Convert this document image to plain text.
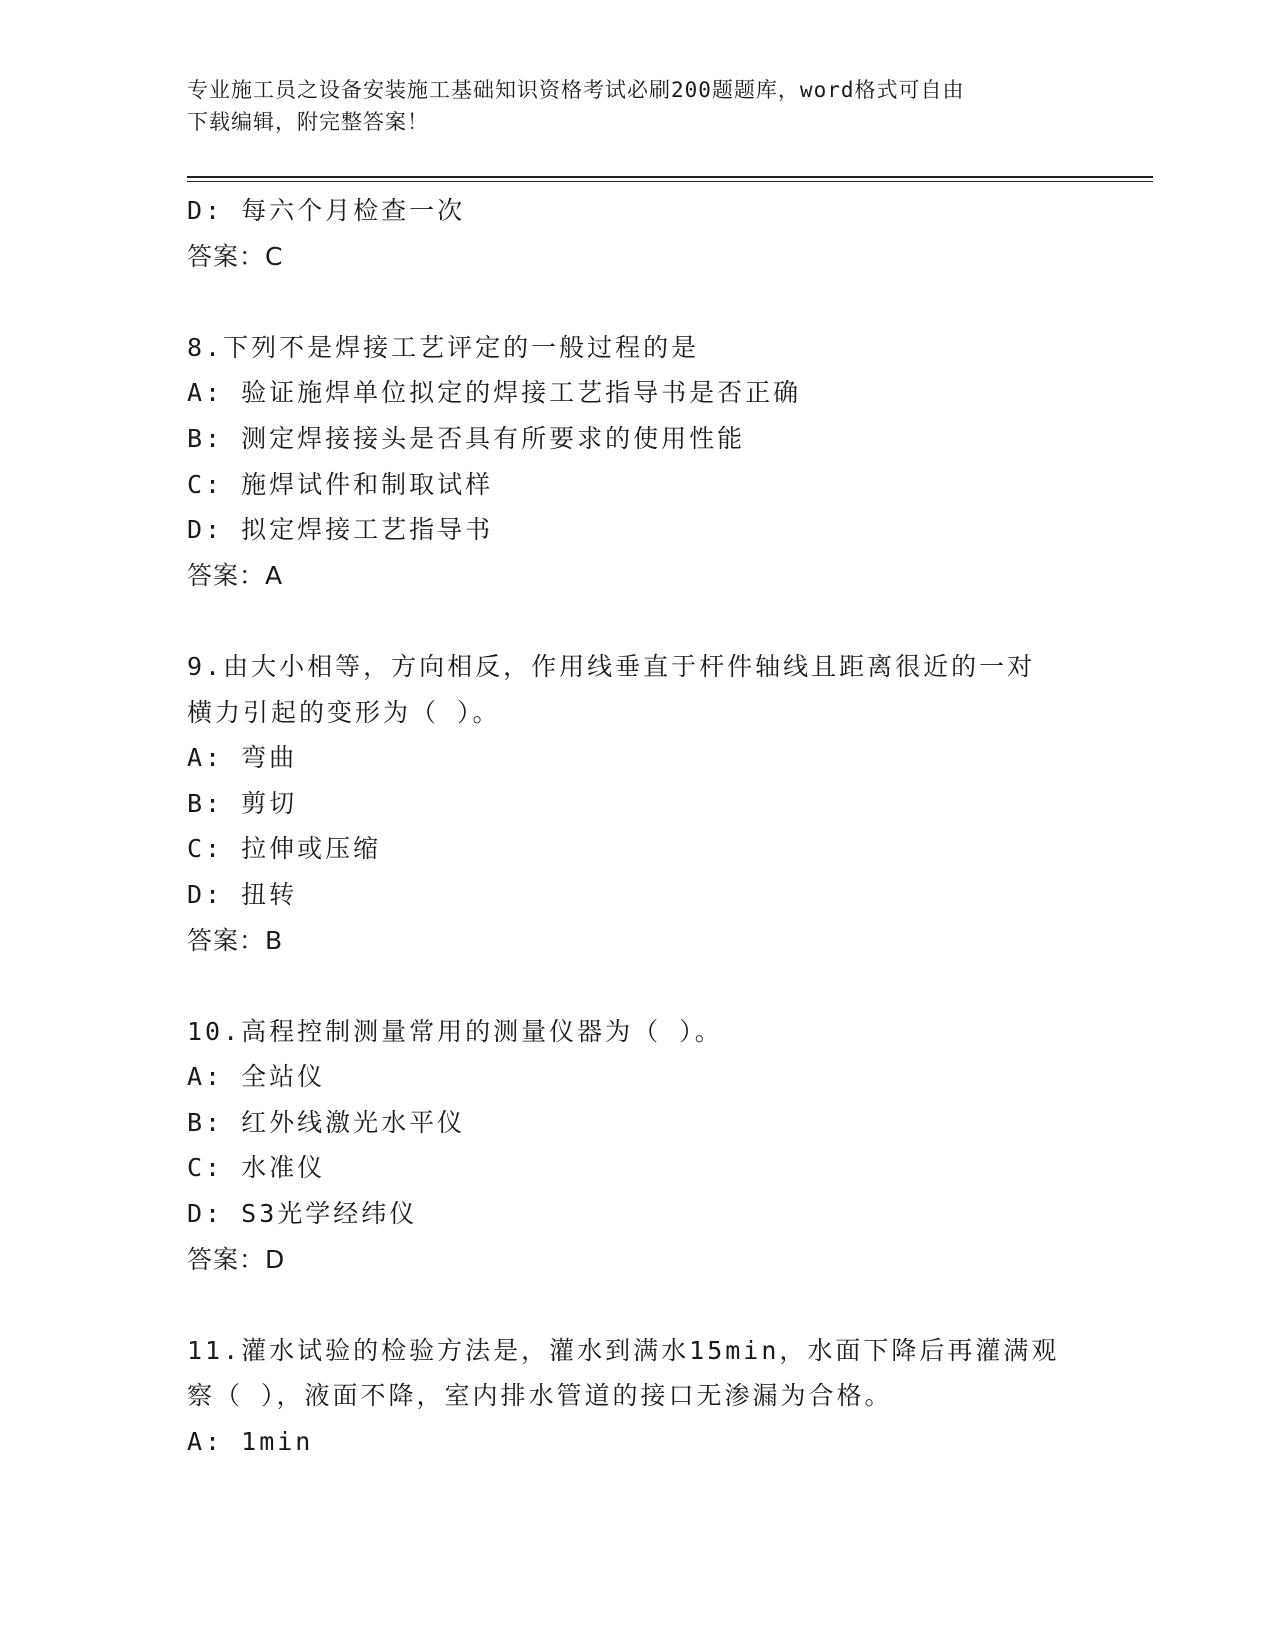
专业施工员之设备安装施工基础知识资格考试必刷200题题库，word格式可自由
下载编辑，附完整答案！
D: 每六个月检查一次
答案：C
8.下列不是焊接工艺评定的一般过程的是
A: 验证施焊单位拟定的焊接工艺指导书是否正确
B: 测定焊接接头是否具有所要求的使用性能
C: 施焊试件和制取试样
D: 拟定焊接工艺指导书
答案：A
9.由大小相等，方向相反，作用线垂直于杆件轴线且距离很近的一对
横力引起的变形为（ ）。
A: 弯曲
B: 剪切
C: 拉伸或压缩
D: 扭转
答案：B
10.高程控制测量常用的测量仪器为（ ）。
A: 全站仪
B: 红外线激光水平仪
C: 水准仪
D: S3光学经纬仪
答案：D
11.灌水试验的检验方法是，灌水到满水15min，水面下降后再灌满观
察（ ），液面不降，室内排水管道的接口无渗漏为合格。
A: 1min
